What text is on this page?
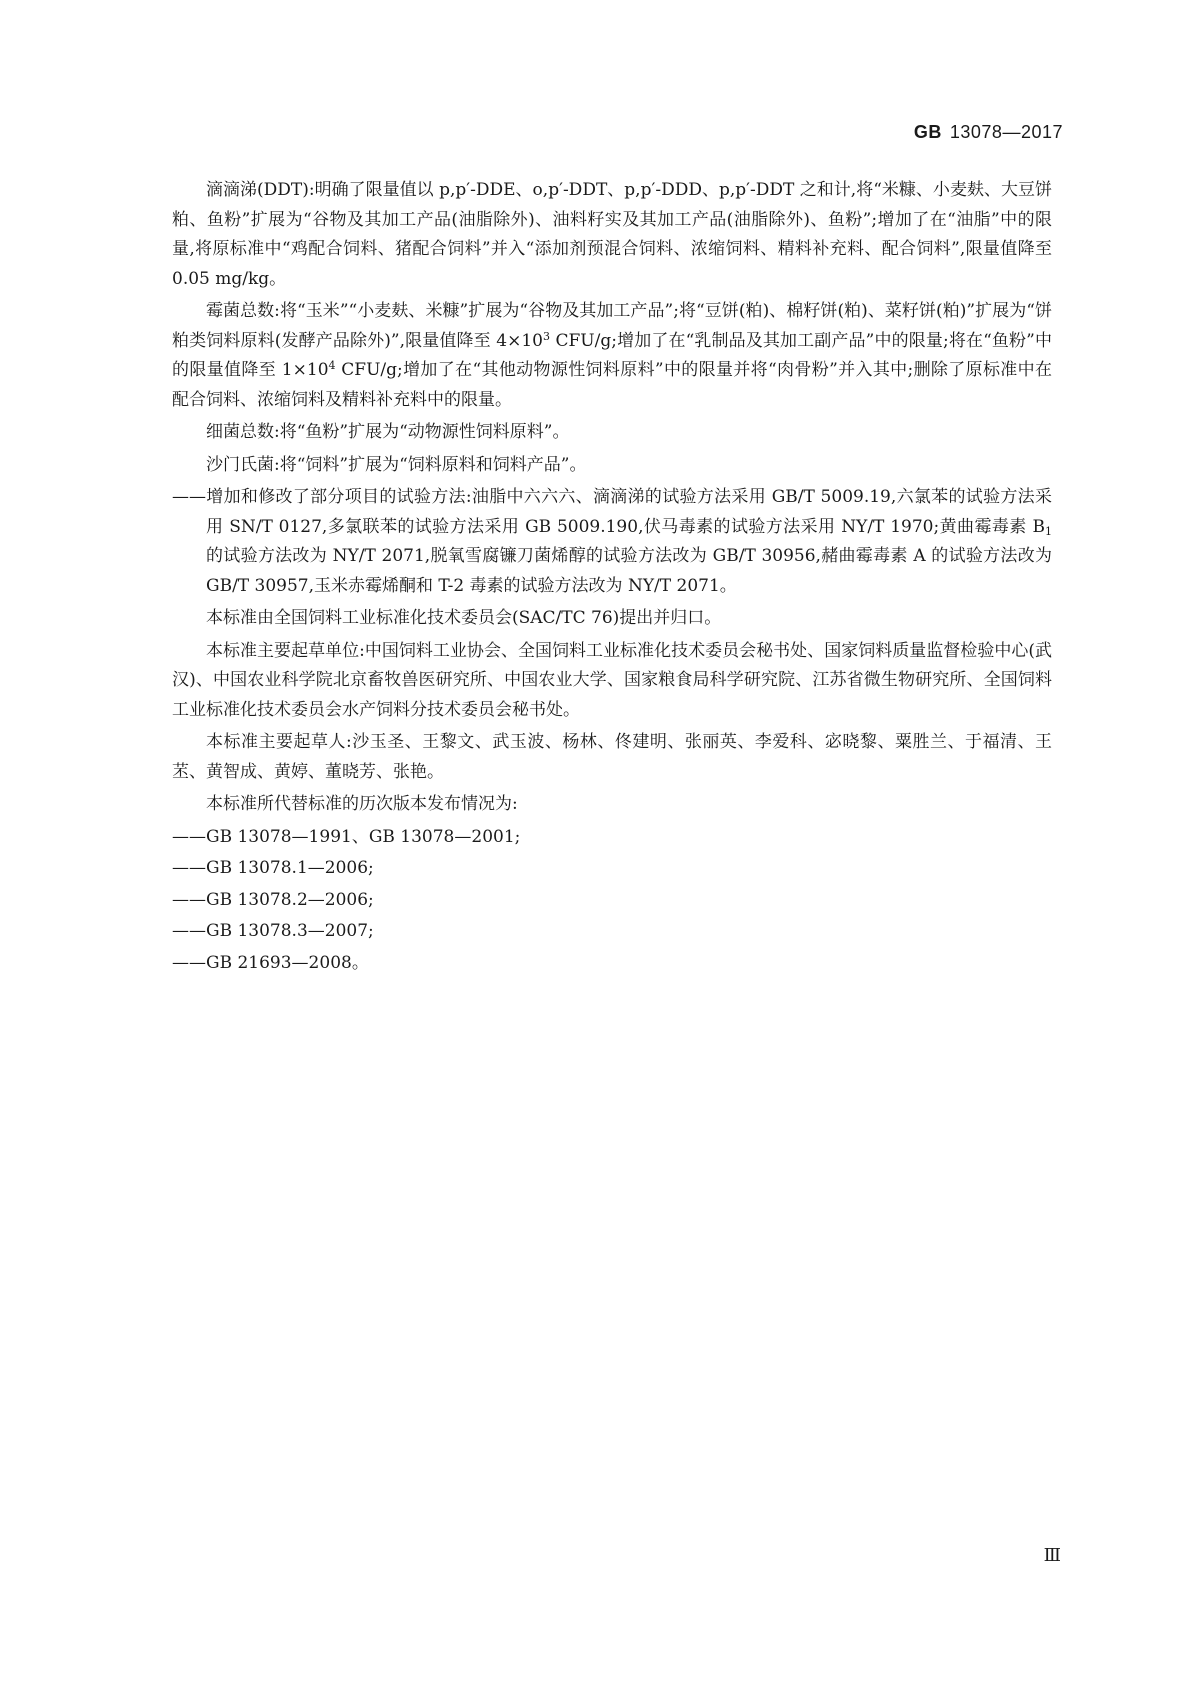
GB 13078—2017

滴滴涕(DDT):明确了限量值以 p,p′-DDE、o,p′-DDT、p,p′-DDD、p,p′-DDT 之和计,将“米糠、小麦麸、大豆饼粕、鱼粉”扩展为“谷物及其加工产品(油脂除外)、油料籽实及其加工产品(油脂除外)、鱼粉”;增加了在“油脂”中的限量,将原标准中“鸡配合饲料、猪配合饲料”并入“添加剂预混合饲料、浓缩饲料、精料补充料、配合饲料”,限量值降至 0.05 mg/kg。

霉菌总数:将“玉米”“小麦麸、米糠”扩展为“谷物及其加工产品”;将“豆饼(粕)、棉籽饼(粕)、菜籽饼(粕)”扩展为“饼粕类饲料原料(发酵产品除外)”,限量值降至 $4\times 10^3$ CFU/g;增加了在“乳制品及其加工副产品”中的限量;将在“鱼粉”中的限量值降至 $1\times 10^4$ CFU/g;增加了在“其他动物源性饲料原料”中的限量并将“肉骨粉”并入其中;删除了原标准中在配合饲料、浓缩饲料及精料补充料中的限量。

细菌总数:将“鱼粉”扩展为“动物源性饲料原料”。

沙门氏菌:将“饲料”扩展为“饲料原料和饲料产品”。

——增加和修改了部分项目的试验方法:油脂中六六六、滴滴涕的试验方法采用 GB/T 5009.19,六氯苯的试验方法采用 SN/T 0127,多氯联苯的试验方法采用 GB 5009.190,伏马毒素的试验方法采用 NY/T 1970;黄曲霉毒素 $B_1$ 的试验方法改为 NY/T 2071,脱氧雪腐镰刀菌烯醇的试验方法改为 GB/T 30956,赭曲霉毒素 A 的试验方法改为 GB/T 30957,玉米赤霉烯酮和 T-2 毒素的试验方法改为 NY/T 2071。

本标准由全国饲料工业标准化技术委员会(SAC/TC 76)提出并归口。

本标准主要起草单位:中国饲料工业协会、全国饲料工业标准化技术委员会秘书处、国家饲料质量监督检验中心(武汉)、中国农业科学院北京畜牧兽医研究所、中国农业大学、国家粮食局科学研究院、江苏省微生物研究所、全国饲料工业标准化技术委员会水产饲料分技术委员会秘书处。

本标准主要起草人:沙玉圣、王黎文、武玉波、杨林、佟建明、张丽英、李爱科、宓晓黎、粟胜兰、于福清、王苤、黄智成、黄婷、董晓芳、张艳。

本标准所代替标准的历次版本发布情况为:

——GB 13078—1991、GB 13078—2001;
——GB 13078.1—2006;
——GB 13078.2—2006;
——GB 13078.3—2007;
——GB 21693—2008。
Ⅲ
